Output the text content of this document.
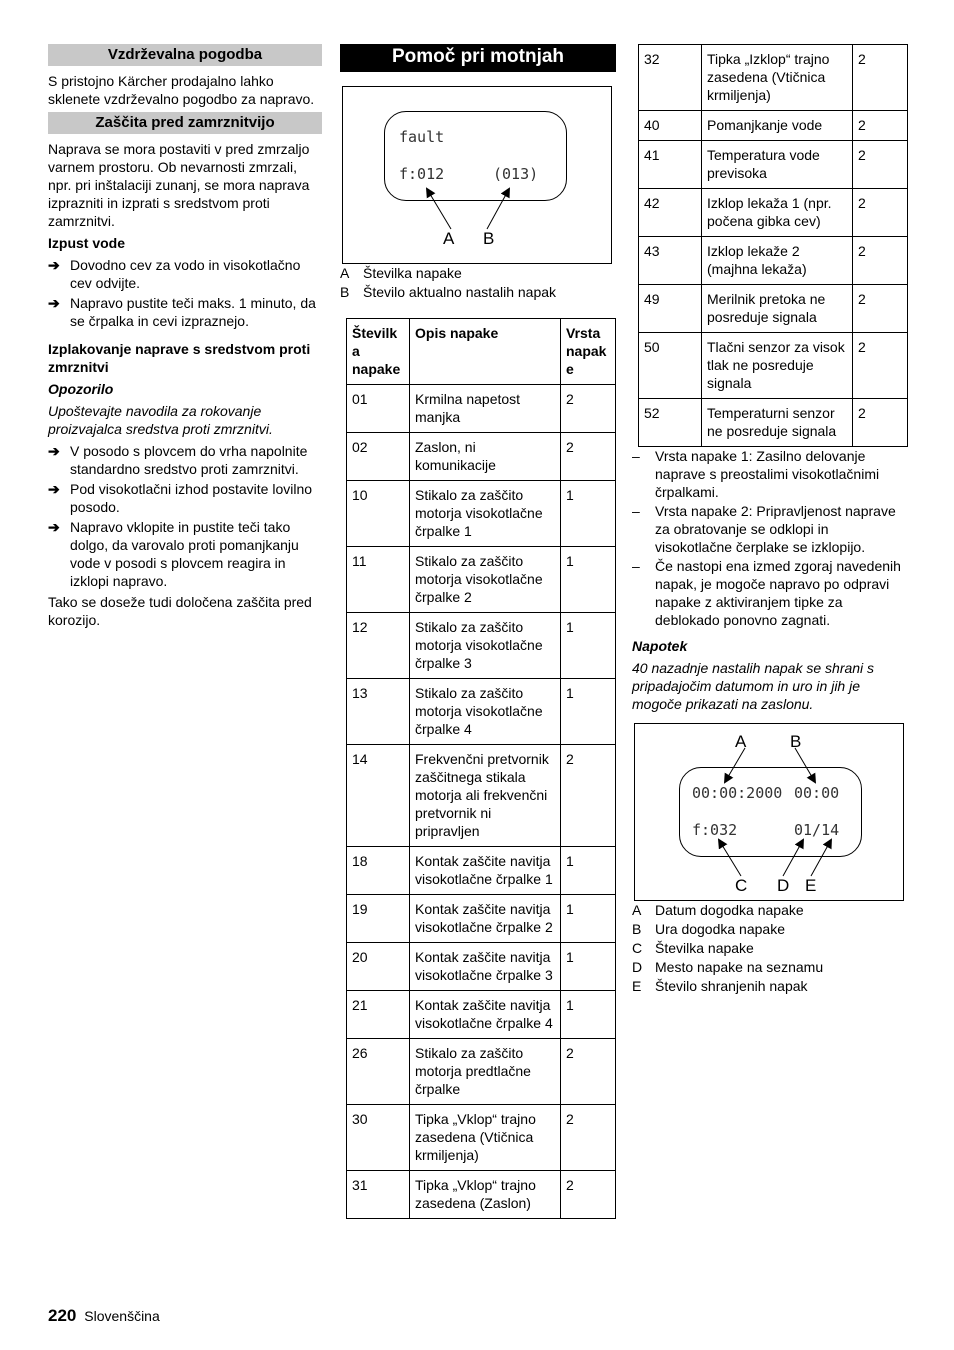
Vzdrževalna pogodba

S pristojno Kärcher prodajalno lahko sklenete vzdrževalno pogodbo za napravo.

Zaščita pred zamrznitvijo

Naprava se mora postaviti v pred zmrzaljo varnem prostoru. Ob nevarnosti zmrzali, npr. pri inštalaciji zunanj, se mora naprava izprazniti in izprati s sredstvom proti zamrznitvi.

Izpust vode

➔ Dovodno cev za vodo in visokotlačno cev odvijte.
➔ Napravo pustite teči maks. 1 minuto, da se črpalka in cevi izpraznejo.

Izplakovanje naprave s sredstvom proti zmrznitvi

Opozorilo

Upoštevajte navodila za rokovanje proizvajalca sredstva proti zmrznitvi.

➔ V posodo s plovcem do vrha napolnite standardno sredstvo proti zamrznitvi.
➔ Pod visokotlačni izhod postavite lovilno posodo.
➔ Napravo vklopite in pustite teči tako dolgo, da varovalo proti pomanjkanju vode v posodi s plovcem reagira in izklopi napravo.

Tako se doseže tudi določena zaščita pred korozijo.

Pomoč pri motnjah
fault
f:012	(013)
A B
A Številka napake
B Število aktualno nastalih napak
Številk a napake	Opis napake	Vrsta napak e
01	Krmilna napetost manjka	2
02	Zaslon, ni komunikacije	2
10	Stikalo za zaščito motorja visokotlačne črpalke 1	1
11	Stikalo za zaščito motorja visokotlačne črpalke 2	1
12	Stikalo za zaščito motorja visokotlačne črpalke 3	1
13	Stikalo za zaščito motorja visokotlačne črpalke 4	1
14	Frekvenčni pretvornik zaščitnega stikala motorja ali frekvenčni pretvornik ni pripravljen	2
18	Kontak zaščite navitja visokotlačne črpalke 1	1
19	Kontak zaščite navitja visokotlačne črpalke 2	1
20	Kontak zaščite navitja visokotlačne črpalke 3	1
21	Kontak zaščite navitja visokotlačne črpalke 4	1
26	Stikalo za zaščito motorja predtlačne črpalke	2
30	Tipka „Vklop“ trajno zasedena (Vtičnica krmiljenja)	2
31	Tipka „Vklop“ trajno zasedena (Zaslon)	2
32	Tipka „Izklop“ trajno zasedena (Vtičnica krmiljenja)	2
40	Pomanjkanje vode	2
41	Temperatura vode previsoka	2
42	Izklop lekaža 1 (npr. počena gibka cev)	2
43	Izklop lekaže 2 (majhna lekaža)	2
49	Merilnik pretoka ne posreduje signala	2
50	Tlačni senzor za visok tlak ne posreduje signala	2
52	Temperaturni senzor ne posreduje signala	2
– Vrsta napake 1: Zasilno delovanje naprave s preostalimi visokotlačnimi črpalkami.
– Vrsta napake 2: Pripravljenost naprave za obratovanje se odklopi in visokotlačne čerplake se izklopijo.
– Če nastopi ena izmed zgoraj navedenih napak, je mogoče napravo po odpravi napake z aktiviranjem tipke za deblokado ponovno zagnati.

Napotek

40 nazadnje nastalih napak se shrani s pripadajočim datumom in uro in jih je mogoče prikazati na zaslonu.

00:00:2000 00:00
f:032	01/14
A	B
C D E
A Datum dogodka napake
B Ura dogodka napake
C Številka napake
D Mesto napake na seznamu
E Število shranjenih napak
220 Slovenščina
